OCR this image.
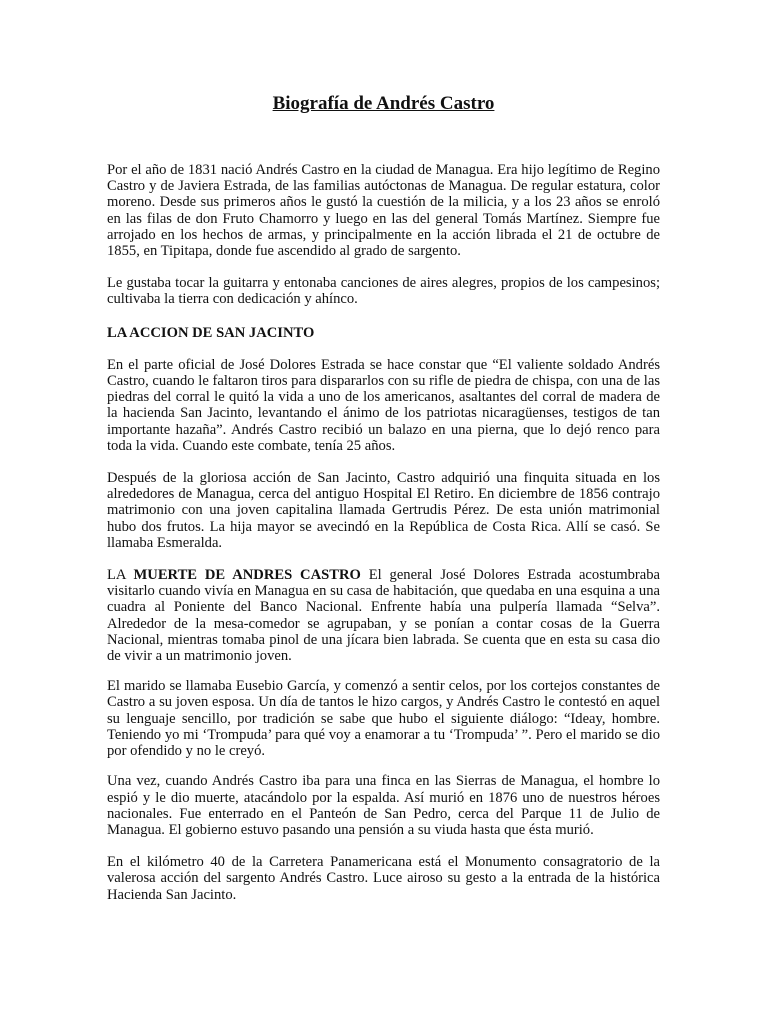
Biografía de Andrés Castro

Por el año de 1831 nació Andrés Castro en la ciudad de Managua. Era hijo legítimo de Regino Castro y de Javiera Estrada, de las familias autóctonas de Managua. De regular estatura, color moreno. Desde sus primeros años le gustó la cuestión de la milicia, y a los 23 años se enroló en las filas de don Fruto Chamorro y luego en las del general Tomás Martínez. Siempre fue arrojado en los hechos de armas, y principalmente en la acción librada el 21 de octubre de 1855, en Tipitapa, donde fue ascendido al grado de sargento.

Le gustaba tocar la guitarra y entonaba canciones de aires alegres, propios de los campesinos; cultivaba la tierra con dedicación y ahínco.

LA ACCION DE SAN JACINTO

En el parte oficial de José Dolores Estrada se hace constar que “El valiente soldado Andrés Castro, cuando le faltaron tiros para dispararlos con su rifle de piedra de chispa, con una de las piedras del corral le quitó la vida a uno de los americanos, asaltantes del corral de madera de la hacienda San Jacinto, levantando el ánimo de los patriotas nicaragüenses, testigos de tan importante hazaña”. Andrés Castro recibió un balazo en una pierna, que lo dejó renco para toda la vida. Cuando este combate, tenía 25 años.

Después de la gloriosa acción de San Jacinto, Castro adquirió una finquita situada en los alrededores de Managua, cerca del antiguo Hospital El Retiro. En diciembre de 1856 contrajo matrimonio con una joven capitalina llamada Gertrudis Pérez. De esta unión matrimonial hubo dos frutos. La hija mayor se avecindó en la República de Costa Rica. Allí se casó. Se llamaba Esmeralda.

LA MUERTE DE ANDRES CASTRO El general José Dolores Estrada acostumbraba visitarlo cuando vivía en Managua en su casa de habitación, que quedaba en una esquina a una cuadra al Poniente del Banco Nacional. Enfrente había una pulpería llamada “Selva”. Alrededor de la mesa-comedor se agrupaban, y se ponían a contar cosas de la Guerra Nacional, mientras tomaba pinol de una jícara bien labrada. Se cuenta que en esta su casa dio de vivir a un matrimonio joven.

El marido se llamaba Eusebio García, y comenzó a sentir celos, por los cortejos constantes de Castro a su joven esposa. Un día de tantos le hizo cargos, y Andrés Castro le contestó en aquel su lenguaje sencillo, por tradición se sabe que hubo el siguiente diálogo: “Ideay, hombre. Teniendo yo mi ‘Trompuda’ para qué voy a enamorar a tu ‘Trompuda’ ”. Pero el marido se dio por ofendido y no le creyó.

Una vez, cuando Andrés Castro iba para una finca en las Sierras de Managua, el hombre lo espió y le dio muerte, atacándolo por la espalda. Así murió en 1876 uno de nuestros héroes nacionales. Fue enterrado en el Panteón de San Pedro, cerca del Parque 11 de Julio de Managua. El gobierno estuvo pasando una pensión a su viuda hasta que ésta murió.

En el kilómetro 40 de la Carretera Panamericana está el Monumento consagratorio de la valerosa acción del sargento Andrés Castro. Luce airoso su gesto a la entrada de la histórica Hacienda San Jacinto.
